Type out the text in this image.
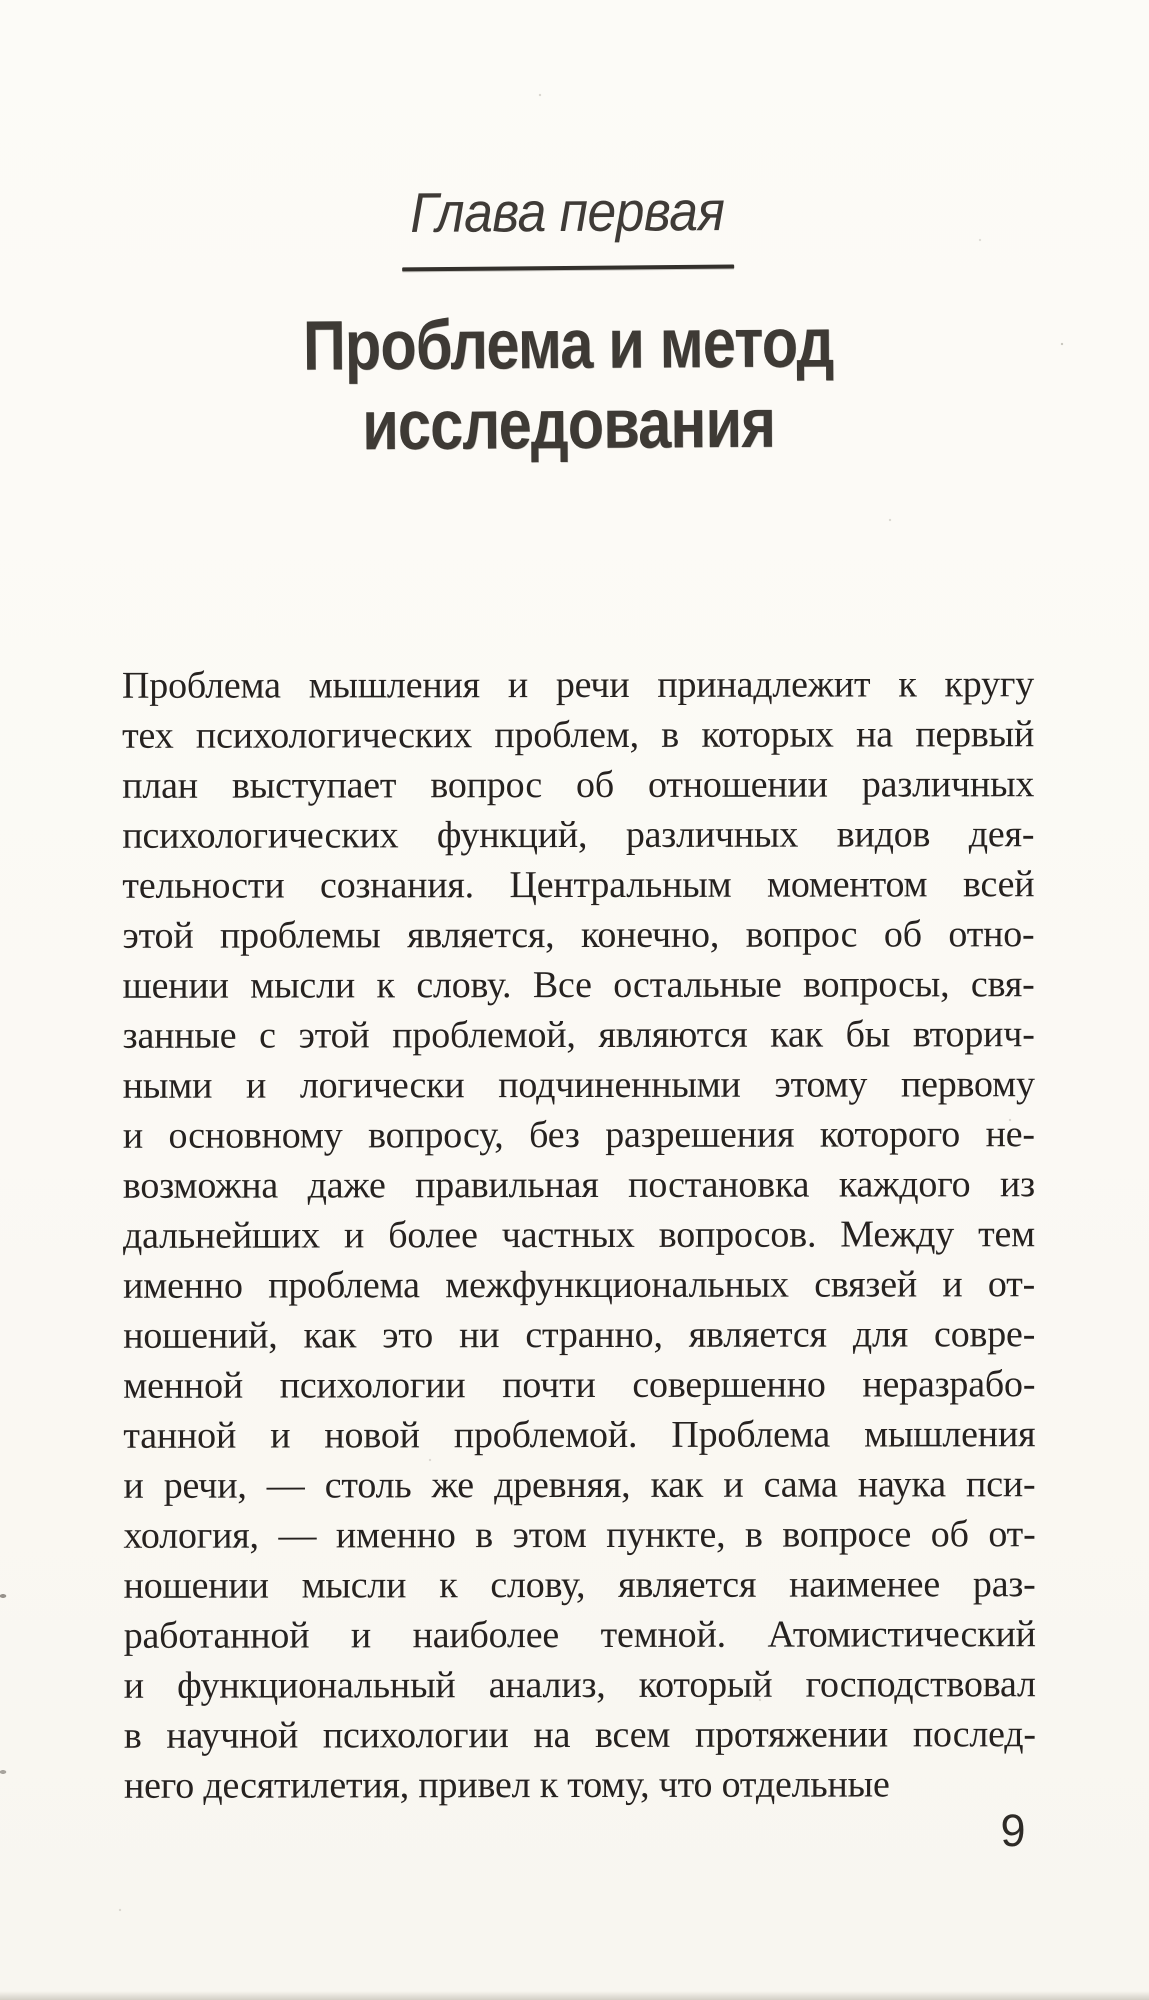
Глава первая
Проблема и метод
исследования
Проблема мышления и речи принадлежит к кругу
тех психологических проблем, в которых на первый
план выступает вопрос об отношении различных
психологических функций, различных видов дея-
тельности сознания. Центральным моментом всей
этой проблемы является, конечно, вопрос об отно-
шении мысли к слову. Все остальные вопросы, свя-
занные с этой проблемой, являются как бы вторич-
ными и логически подчиненными этому первому
и основному вопросу, без разрешения которого не-
возможна даже правильная постановка каждого из
дальнейших и более частных вопросов. Между тем
именно проблема межфункциональных связей и от-
ношений, как это ни странно, является для совре-
менной психологии почти совершенно неразрабо-
танной и новой проблемой. Проблема мышления
и речи, — столь же древняя, как и сама наука пси-
хология, — именно в этом пункте, в вопросе об от-
ношении мысли к слову, является наименее раз-
работанной и наиболее темной. Атомистический
и функциональный анализ, который господствовал
в научной психологии на всем протяжении послед-
него десятилетия, привел к тому, что отдельные
9
